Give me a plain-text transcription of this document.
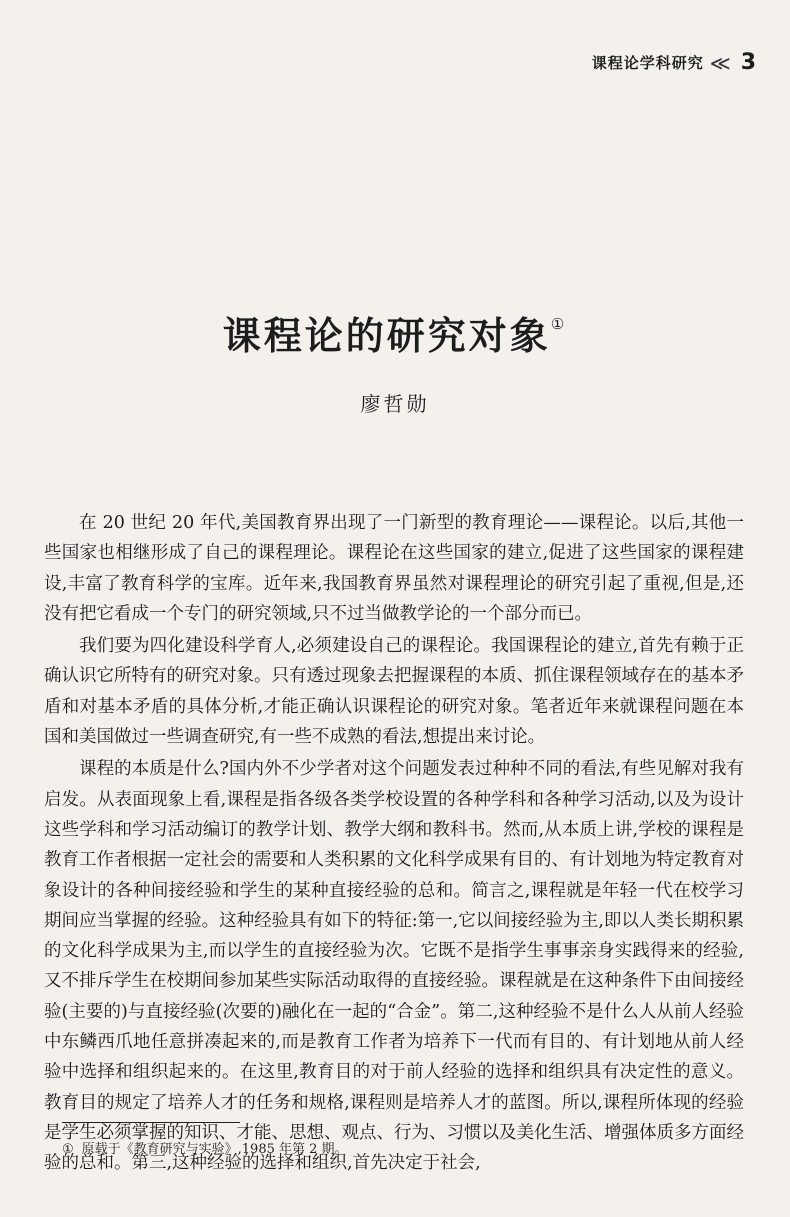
课程论学科研究 ≪ 3
课程论的研究对象①
廖哲勋

在 20 世纪 20 年代,美国教育界出现了一门新型的教育理论——课程论。以后,其他一些国家也相继形成了自己的课程理论。课程论在这些国家的建立,促进了这些国家的课程建设,丰富了教育科学的宝库。近年来,我国教育界虽然对课程理论的研究引起了重视,但是,还没有把它看成一个专门的研究领域,只不过当做教学论的一个部分而已。

我们要为四化建设科学育人,必须建设自己的课程论。我国课程论的建立,首先有赖于正确认识它所特有的研究对象。只有透过现象去把握课程的本质、抓住课程领域存在的基本矛盾和对基本矛盾的具体分析,才能正确认识课程论的研究对象。笔者近年来就课程问题在本国和美国做过一些调查研究,有一些不成熟的看法,想提出来讨论。

课程的本质是什么?国内外不少学者对这个问题发表过种种不同的看法,有些见解对我有启发。从表面现象上看,课程是指各级各类学校设置的各种学科和各种学习活动,以及为设计这些学科和学习活动编订的教学计划、教学大纲和教科书。然而,从本质上讲,学校的课程是教育工作者根据一定社会的需要和人类积累的文化科学成果有目的、有计划地为特定教育对象设计的各种间接经验和学生的某种直接经验的总和。简言之,课程就是年轻一代在校学习期间应当掌握的经验。这种经验具有如下的特征:第一,它以间接经验为主,即以人类长期积累的文化科学成果为主,而以学生的直接经验为次。它既不是指学生事事亲身实践得来的经验,又不排斥学生在校期间参加某些实际活动取得的直接经验。课程就是在这种条件下由间接经验(主要的)与直接经验(次要的)融化在一起的“合金”。第二,这种经验不是什么人从前人经验中东鳞西爪地任意拼凑起来的,而是教育工作者为培养下一代而有目的、有计划地从前人经验中选择和组织起来的。在这里,教育目的对于前人经验的选择和组织具有决定性的意义。教育目的规定了培养人才的任务和规格,课程则是培养人才的蓝图。所以,课程所体现的经验是学生必须掌握的知识、才能、思想、观点、行为、习惯以及美化生活、增强体质多方面经验的总和。第三,这种经验的选择和组织,首先决定于社会,

① 原载于《教育研究与实验》,1985 年第 2 期。
